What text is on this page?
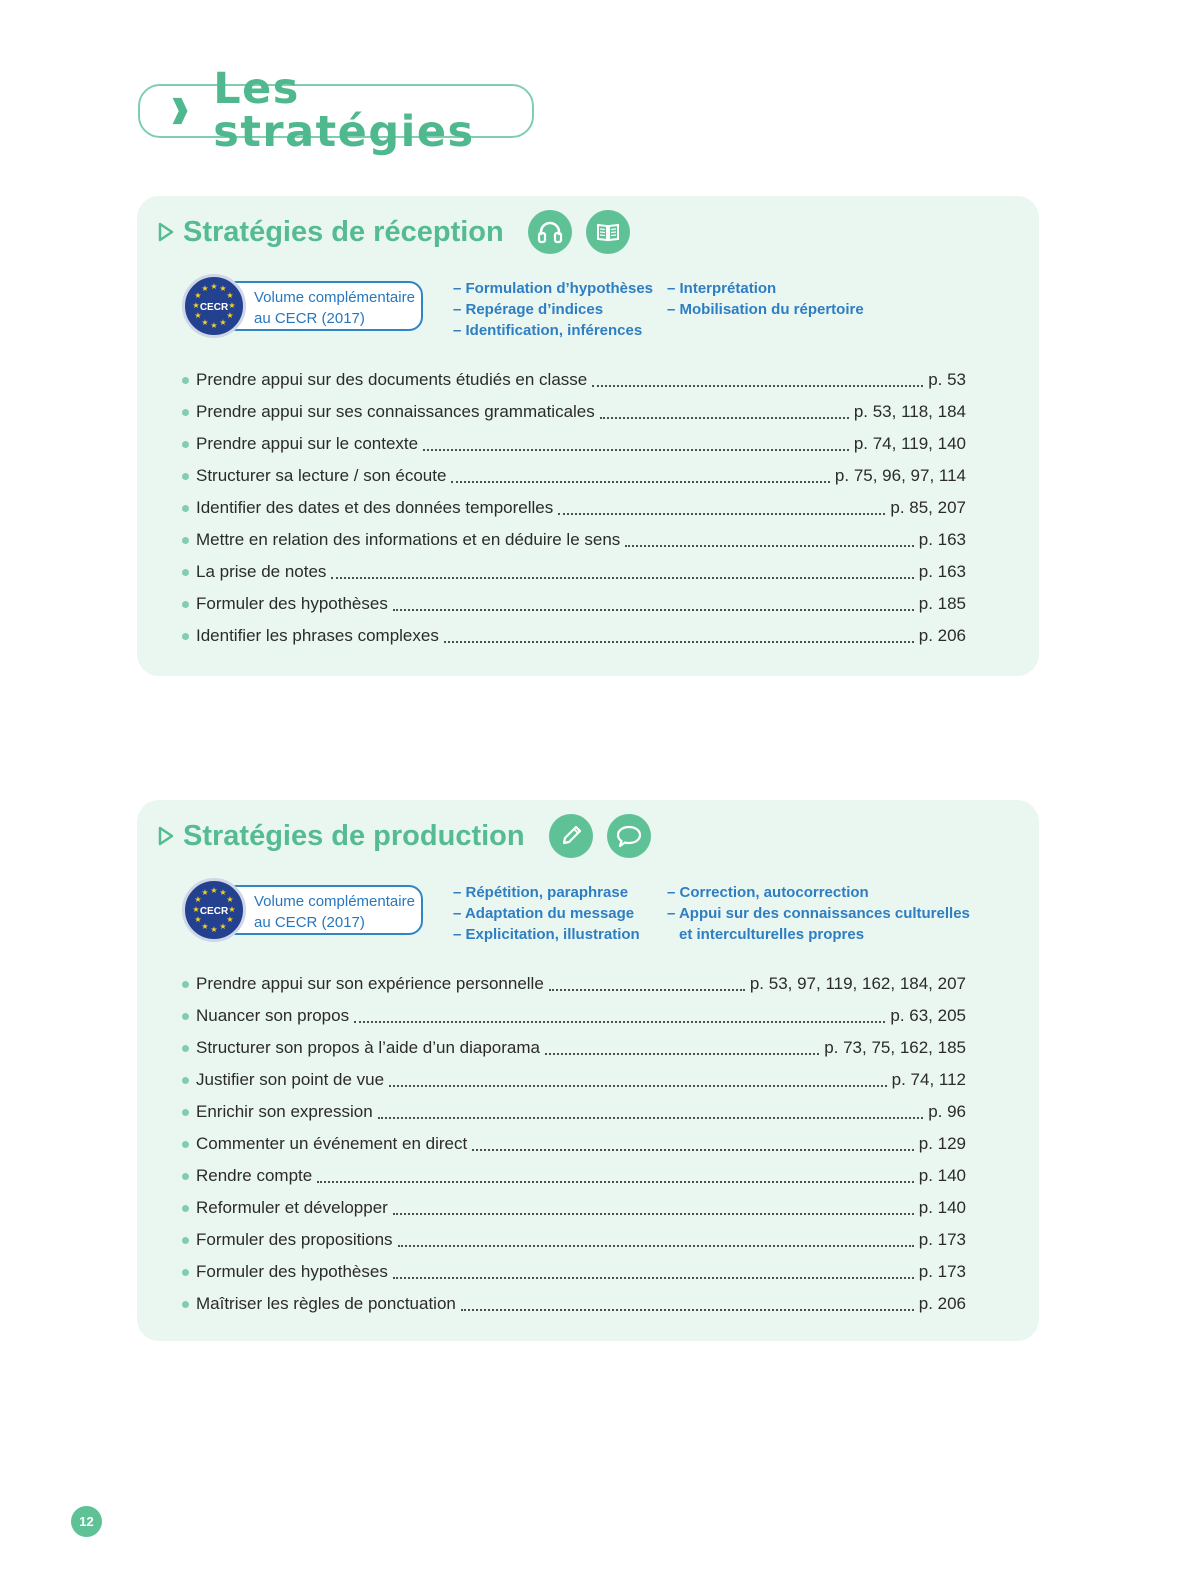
Les stratégies
Stratégies de réception
Volume complémentaire
au CECR (2017)
★ ★
★
★
★
★
★
★
★
★
★
★
CECR
– Formulation d’hypothèses
– Repérage d’indices
– Identification, inférences
– Interprétation
– Mobilisation du répertoire
Prendre appui sur des documents étudiés en classe	p. 53
Prendre appui sur ses connaissances grammaticales	p. 53, 118, 184
Prendre appui sur le contexte	p. 74, 119, 140
Structurer sa lecture / son écoute	p. 75, 96, 97, 114
Identifier des dates et des données temporelles	p. 85, 207
Mettre en relation des informations et en déduire le sens	p. 163
La prise de notes	p. 163
Formuler des hypothèses	p. 185
Identifier les phrases complexes	p. 206
Stratégies de production
Volume complémentaire
au CECR (2017)
★ ★
★
★
★
★
★
★
★
★
★
★
CECR
– Répétition, paraphrase
– Adaptation du message
– Explicitation, illustration
– Correction, autocorrection
– Appui sur des connaissances culturelles
et interculturelles propres
Prendre appui sur son expérience personnelle	p. 53, 97, 119, 162, 184, 207
Nuancer son propos	p. 63, 205
Structurer son propos à l’aide d’un diaporama	p. 73, 75, 162, 185
Justifier son point de vue	p. 74, 112
Enrichir son expression	p. 96
Commenter un événement en direct	p. 129
Rendre compte	p. 140
Reformuler et développer	p. 140
Formuler des propositions	p. 173
Formuler des hypothèses	p. 173
Maîtriser les règles de ponctuation	p. 206
12
